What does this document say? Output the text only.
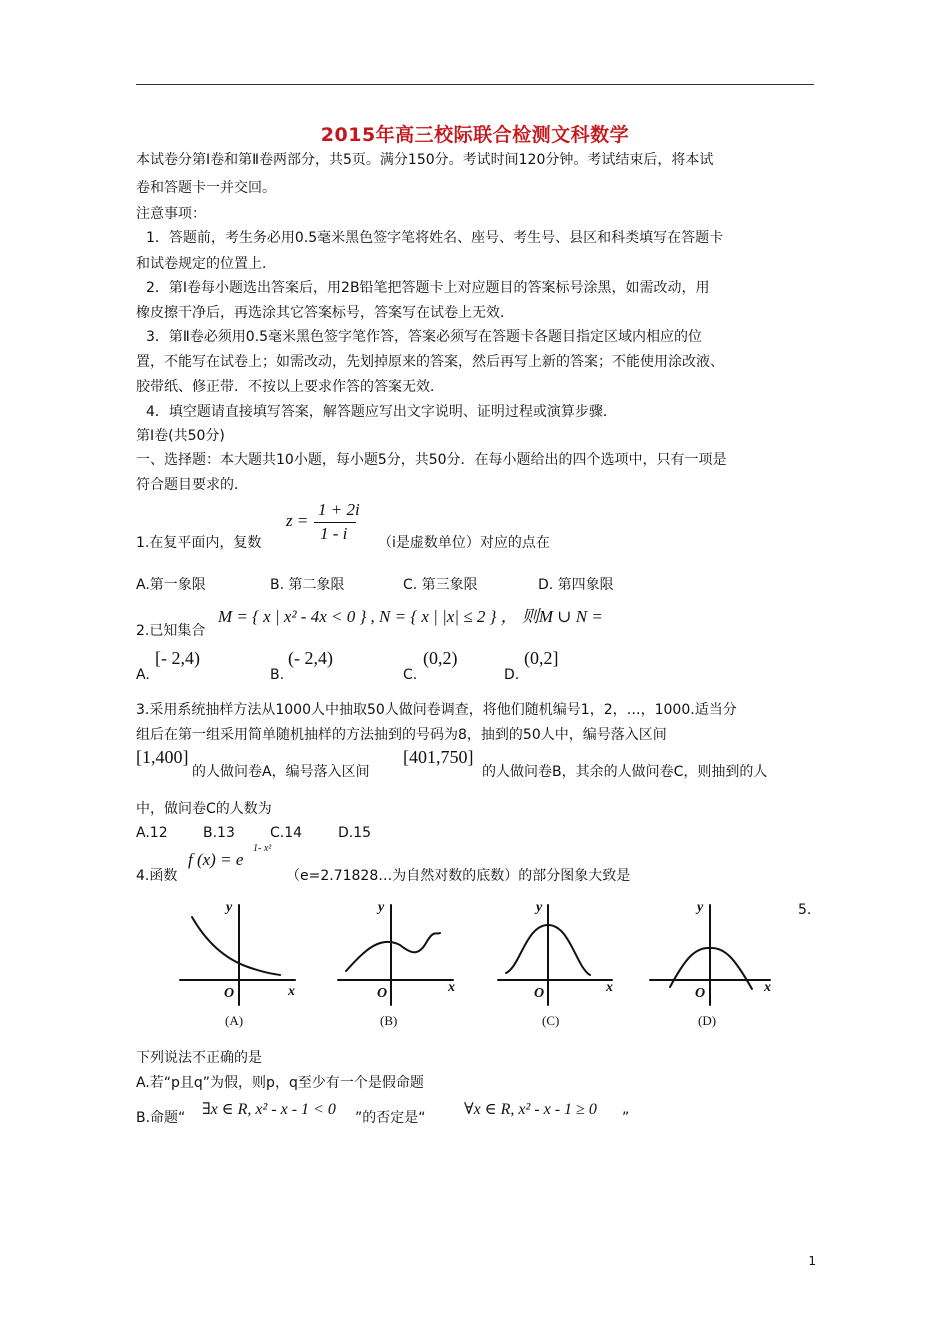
2015年高三校际联合检测文科数学
本试卷分第Ⅰ卷和第Ⅱ卷两部分，共5页。满分150分。考试时间120分钟。考试结束后，将本试
卷和答题卡一并交回。
注意事项：
1．答题前，考生务必用0.5毫米黑色签字笔将姓名、座号、考生号、县区和科类填写在答题卡
和试卷规定的位置上．
2．第Ⅰ卷每小题选出答案后，用2B铅笔把答题卡上对应题目的答案标号涂黑，如需改动，用
橡皮擦干净后，再选涂其它答案标号，答案写在试卷上无效．
3．第Ⅱ卷必须用0.5毫米黑色签字笔作答，答案必须写在答题卡各题目指定区域内相应的位
置，不能写在试卷上；如需改动，先划掉原来的答案，然后再写上新的答案；不能使用涂改液、
胶带纸、修正带．不按以上要求作答的答案无效．
4．填空题请直接填写答案，解答题应写出文字说明、证明过程或演算步骤．
第Ⅰ卷(共50分)
一、选择题：本大题共10小题，每小题5分，共50分．在每小题给出的四个选项中，只有一项是
符合题目要求的．
z =
1 + 2i
1 - i
1.在复平面内，复数	（i是虚数单位）对应的点在
A.第一象限	B. 第二象限	C. 第三象限	D. 第四象限
2.已知集合
M = { x | x² - 4x < 0 } , N = { x | |x| ≤ 2 } ， 则M ∪ N =
A.
[- 2,4)
B.
(- 2,4)
C.
(0,2)
D.
(0,2]
3.采用系统抽样方法从1000人中抽取50人做问卷调查，将他们随机编号1，2，…，1000.适当分
组后在第一组采用简单随机抽样的方法抽到的号码为8，抽到的50人中，编号落入区间
[1,400]
的人做问卷A，编号落入区间
[401,750]
的人做问卷B，其余的人做问卷C，则抽到的人
中，做问卷C的人数为
A.12	B.13	C.14	D.15
4.函数
f (x) = e
1- x²
（e=2.71828…为自然对数的底数）的部分图象大致是
y
x
O
y
x
O
y
x
O
y
x
O
(A)	(B)	(C)	(D)
5.
下列说法不正确的是
A.若“p且q”为假，则p，q至少有一个是假命题
B.命题“ ∃x ∈ R, x² - x - 1 < 0 ”的否定是“ ∀x ∈ R, x² - x - 1 ≥ 0 ”
1
